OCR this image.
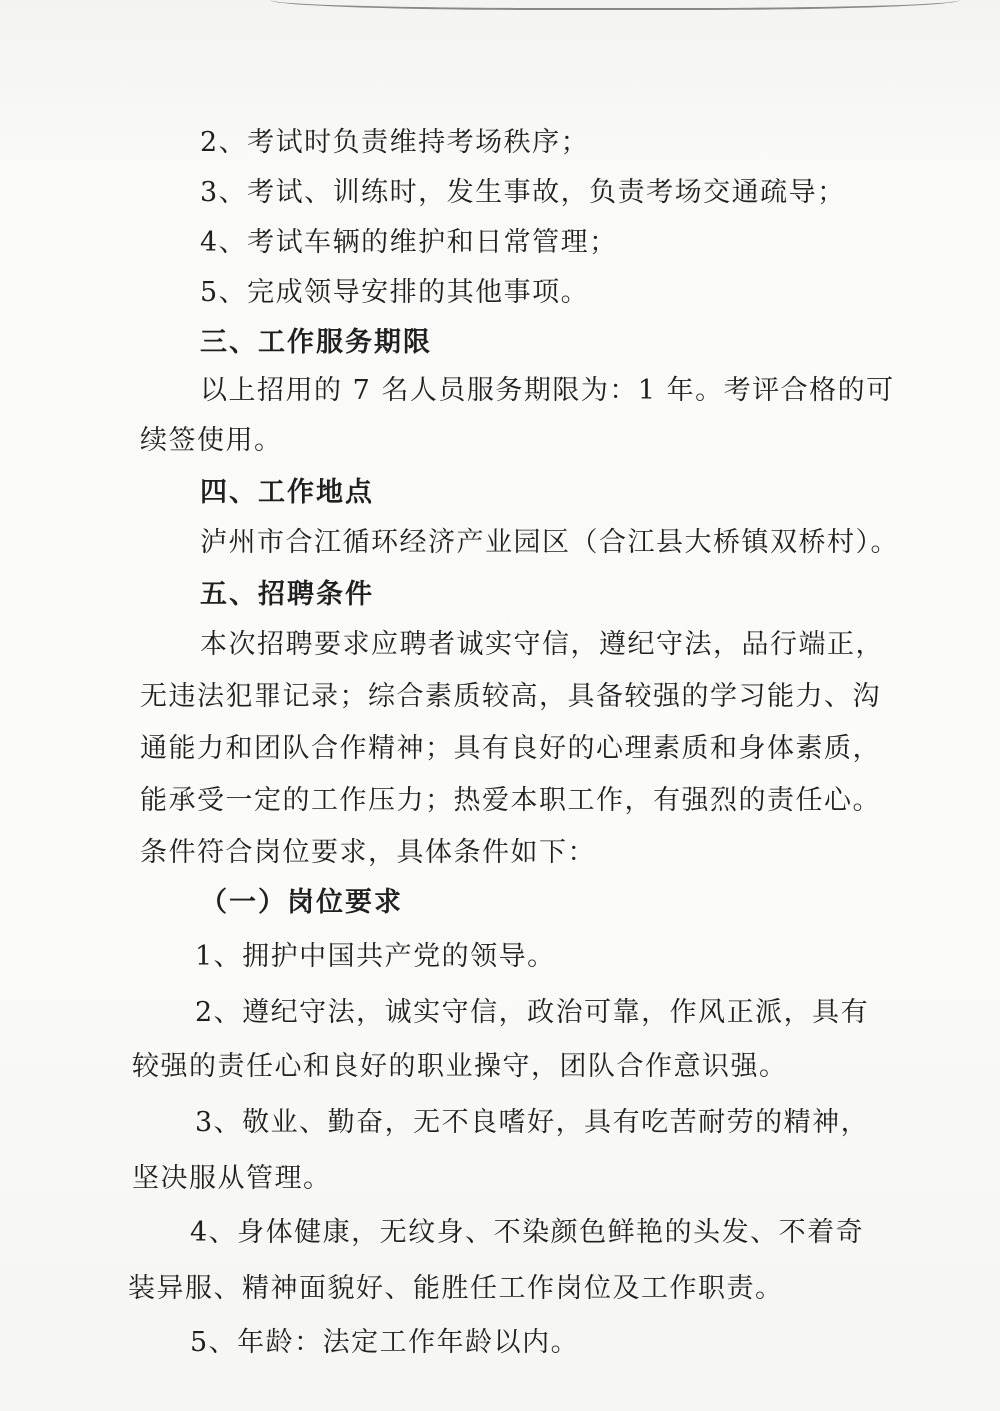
2、考试时负责维持考场秩序；
3、考试、训练时，发生事故，负责考场交通疏导；
4、考试车辆的维护和日常管理；
5、完成领导安排的其他事项。
三、工作服务期限
以上招用的 7 名人员服务期限为：1 年。考评合格的可
续签使用。
四、工作地点
泸州市合江循环经济产业园区（合江县大桥镇双桥村）。
五、招聘条件
本次招聘要求应聘者诚实守信，遵纪守法，品行端正，
无违法犯罪记录；综合素质较高，具备较强的学习能力、沟
通能力和团队合作精神；具有良好的心理素质和身体素质，
能承受一定的工作压力；热爱本职工作，有强烈的责任心。
条件符合岗位要求，具体条件如下：
（一）岗位要求
1、拥护中国共产党的领导。
2、遵纪守法，诚实守信，政治可靠，作风正派，具有
较强的责任心和良好的职业操守，团队合作意识强。
3、敬业、勤奋，无不良嗜好，具有吃苦耐劳的精神，
坚决服从管理。
4、身体健康，无纹身、不染颜色鲜艳的头发、不着奇
装异服、精神面貌好、能胜任工作岗位及工作职责。
5、年龄：法定工作年龄以内。
